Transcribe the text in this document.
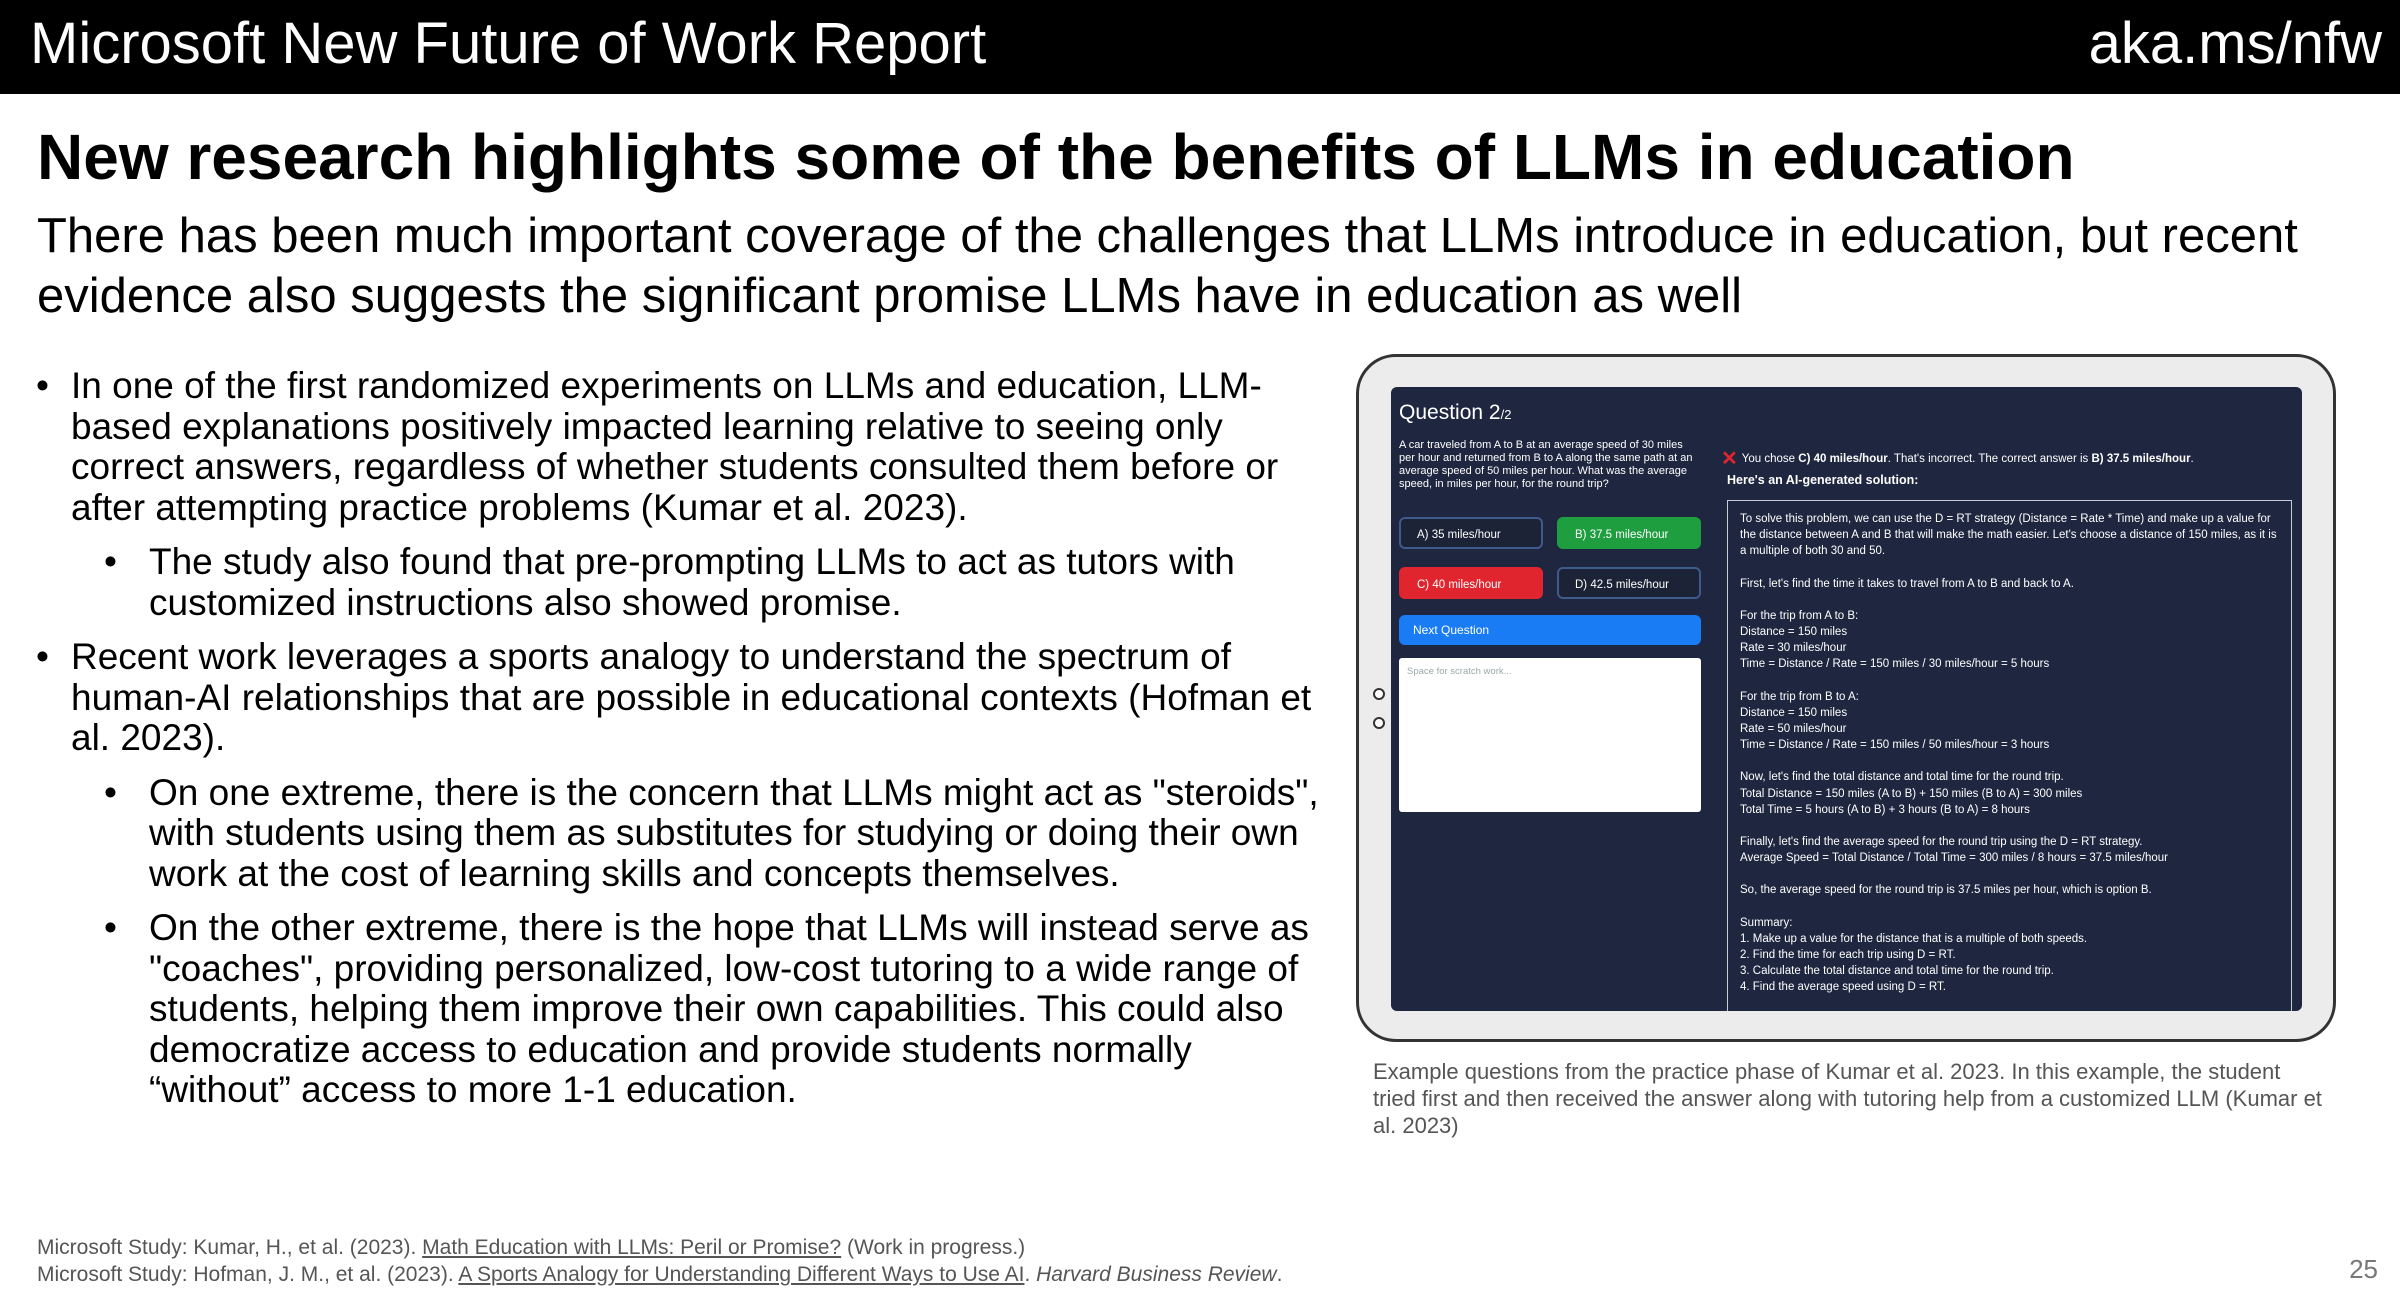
Microsoft New Future of Work Report	aka.ms/nfw
New research highlights some of the benefits of LLMs in education
There has been much important coverage of the challenges that LLMs introduce in education, but recent evidence also suggests the significant promise LLMs have in education as well
• In one of the first randomized experiments on LLMs and education, LLM-based explanations positively impacted learning relative to seeing only correct answers, regardless of whether students consulted them before or after attempting practice problems (Kumar et al. 2023).
• The study also found that pre-prompting LLMs to act as tutors with customized instructions also showed promise.
• Recent work leverages a sports analogy to understand the spectrum of human-AI relationships that are possible in educational contexts (Hofman et al. 2023).
• On one extreme, there is the concern that LLMs might act as "steroids", with students using them as substitutes for studying or doing their own work at the cost of learning skills and concepts themselves.
• On the other extreme, there is the hope that LLMs will instead serve as "coaches", providing personalized, low-cost tutoring to a wide range of students, helping them improve their own capabilities. This could also democratize access to education and provide students normally “without” access to more 1-1 education.
Question 2/2
A car traveled from A to B at an average speed of 30 miles per hour and returned from B to A along the same path at an average speed of 50 miles per hour. What was the average speed, in miles per hour, for the round trip?
A) 35 miles/hour	B) 37.5 miles/hour
C) 40 miles/hour	D) 42.5 miles/hour
Next Question
Space for scratch work...
✕ You chose C) 40 miles/hour. That's incorrect. The correct answer is B) 37.5 miles/hour.
Here's an AI-generated solution:

To solve this problem, we can use the D = RT strategy (Distance = Rate * Time) and make up a value for the distance between A and B that will make the math easier. Let's choose a distance of 150 miles, as it is a multiple of both 30 and 50.

First, let's find the time it takes to travel from A to B and back to A.

For the trip from A to B:
Distance = 150 miles
Rate = 30 miles/hour
Time = Distance / Rate = 150 miles / 30 miles/hour = 5 hours

For the trip from B to A:
Distance = 150 miles
Rate = 50 miles/hour
Time = Distance / Rate = 150 miles / 50 miles/hour = 3 hours

Now, let's find the total distance and total time for the round trip.
Total Distance = 150 miles (A to B) + 150 miles (B to A) = 300 miles
Total Time = 5 hours (A to B) + 3 hours (B to A) = 8 hours

Finally, let's find the average speed for the round trip using the D = RT strategy.
Average Speed = Total Distance / Total Time = 300 miles / 8 hours = 37.5 miles/hour

So, the average speed for the round trip is 37.5 miles per hour, which is option B.

Summary:
1. Make up a value for the distance that is a multiple of both speeds.
2. Find the time for each trip using D = RT.
3. Calculate the total distance and total time for the round trip.
4. Find the average speed using D = RT.

Example questions from the practice phase of Kumar et al. 2023. In this example, the student tried first and then received the answer along with tutoring help from a customized LLM (Kumar et al. 2023)
Microsoft Study: Kumar, H., et al. (2023). Math Education with LLMs: Peril or Promise? (Work in progress.)
Microsoft Study: Hofman, J. M., et al. (2023). A Sports Analogy for Understanding Different Ways to Use AI. Harvard Business Review.	25
